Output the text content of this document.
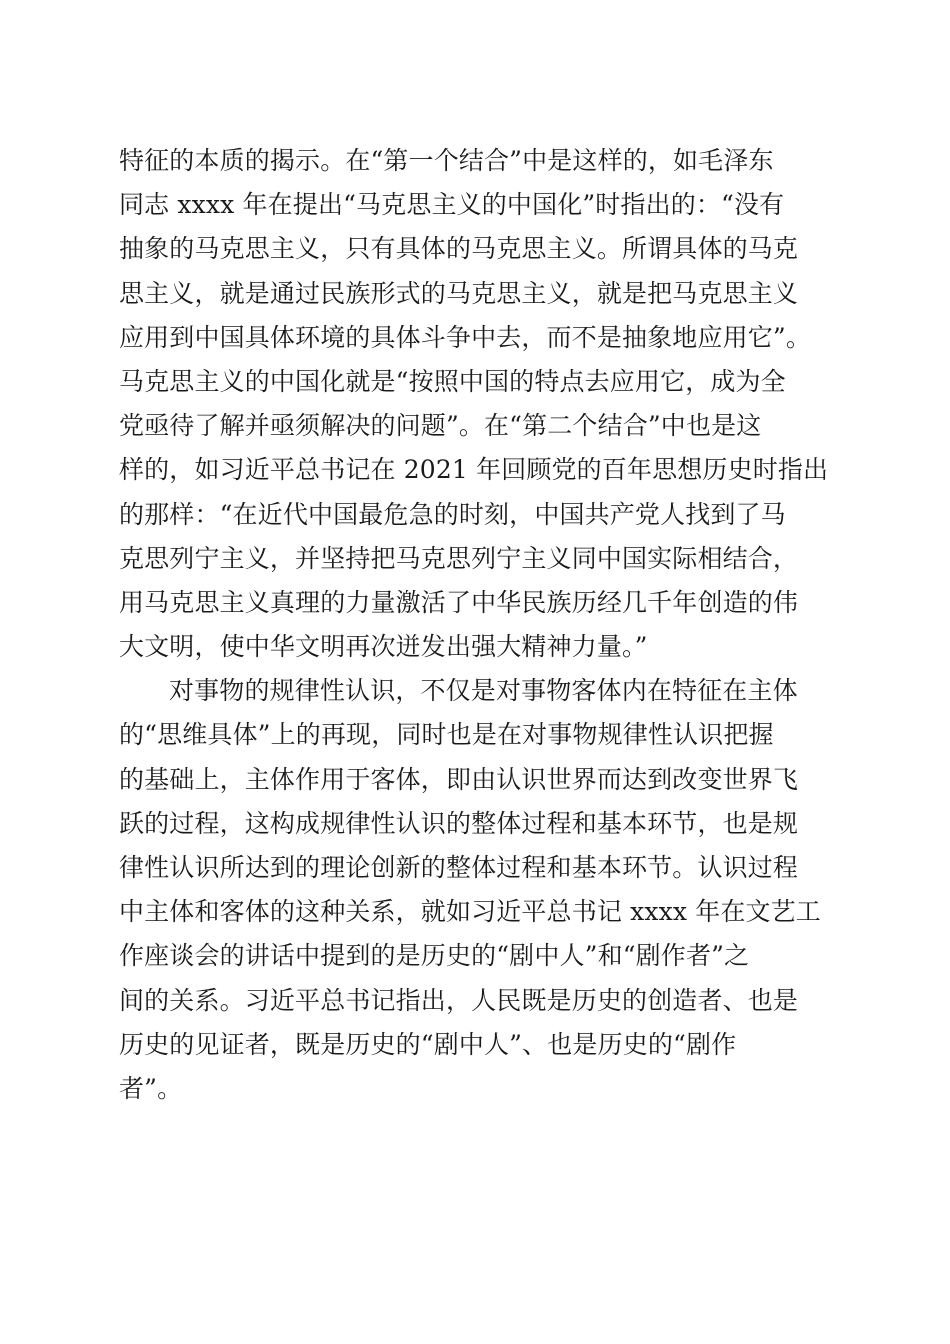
特征的本质的揭示。在“第一个结合”中是这样的，如毛泽东
同志 xxxx 年在提出“马克思主义的中国化”时指出的：“没有
抽象的马克思主义，只有具体的马克思主义。所谓具体的马克
思主义，就是通过民族形式的马克思主义，就是把马克思主义
应用到中国具体环境的具体斗争中去，而不是抽象地应用它”。
马克思主义的中国化就是“按照中国的特点去应用它，成为全
党亟待了解并亟须解决的问题”。在“第二个结合”中也是这
样的，如习近平总书记在 2021 年回顾党的百年思想历史时指出
的那样：“在近代中国最危急的时刻，中国共产党人找到了马
克思列宁主义，并坚持把马克思列宁主义同中国实际相结合，
用马克思主义真理的力量激活了中华民族历经几千年创造的伟
大文明，使中华文明再次迸发出强大精神力量。”
对事物的规律性认识，不仅是对事物客体内在特征在主体
的“思维具体”上的再现，同时也是在对事物规律性认识把握
的基础上，主体作用于客体，即由认识世界而达到改变世界飞
跃的过程，这构成规律性认识的整体过程和基本环节，也是规
律性认识所达到的理论创新的整体过程和基本环节。认识过程
中主体和客体的这种关系，就如习近平总书记 xxxx 年在文艺工
作座谈会的讲话中提到的是历史的“剧中人”和“剧作者”之
间的关系。习近平总书记指出，人民既是历史的创造者、也是
历史的见证者，既是历史的“剧中人”、也是历史的“剧作
者”。
